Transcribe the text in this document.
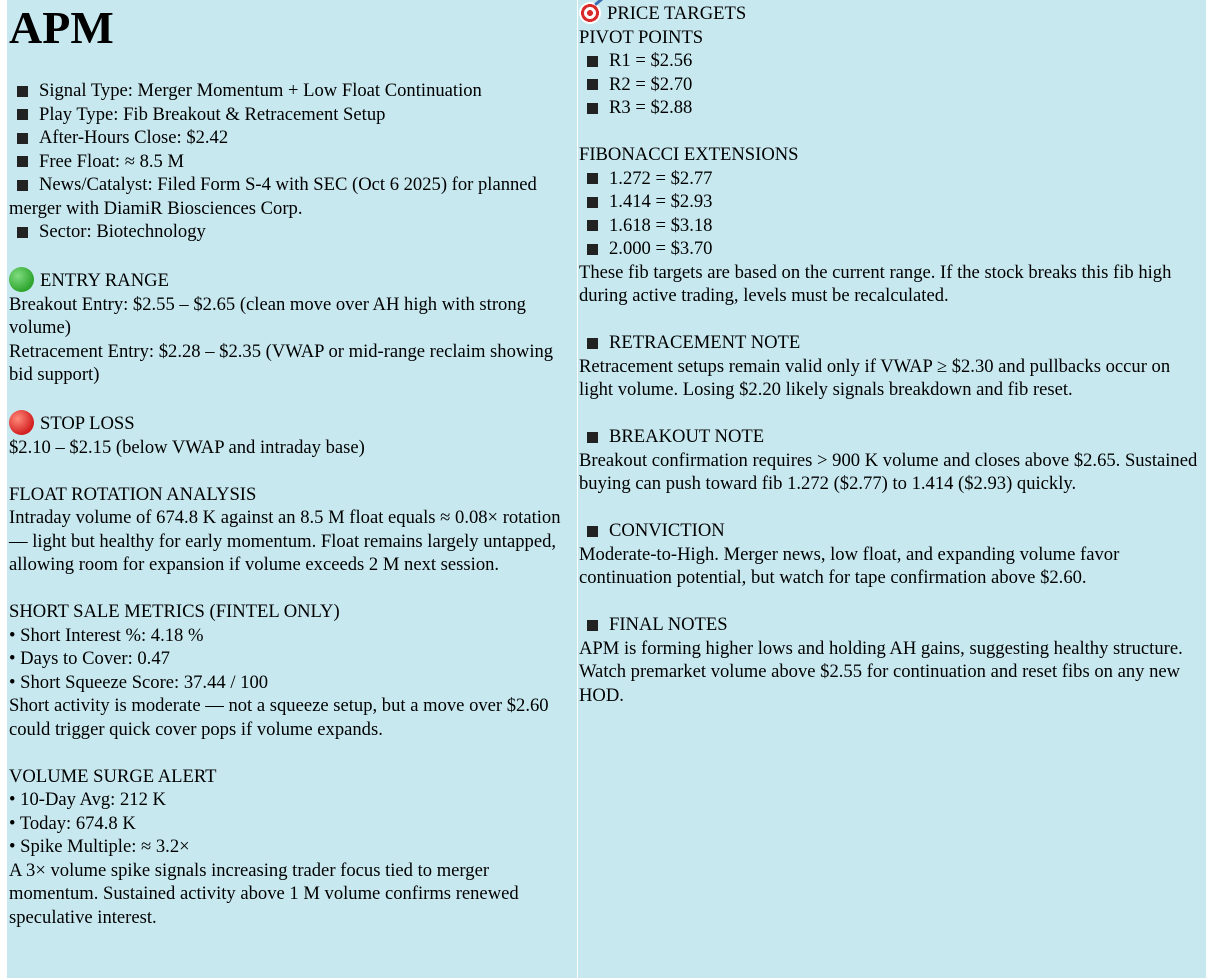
APM
Signal Type: Merger Momentum + Low Float Continuation
Play Type: Fib Breakout & Retracement Setup
After-Hours Close: $2.42
Free Float: ≈ 8.5 M
News/Catalyst: Filed Form S-4 with SEC (Oct 6 2025) for planned merger with DiamiR Biosciences Corp.
Sector: Biotechnology
ENTRY RANGE
Breakout Entry: $2.55 – $2.65 (clean move over AH high with strong volume)
Retracement Entry: $2.28 – $2.35 (VWAP or mid-range reclaim showing bid support)
STOP LOSS
$2.10 – $2.15 (below VWAP and intraday base)
FLOAT ROTATION ANALYSIS
Intraday volume of 674.8 K against an 8.5 M float equals ≈ 0.08× rotation — light but healthy for early momentum. Float remains largely untapped, allowing room for expansion if volume exceeds 2 M next session.
SHORT SALE METRICS (FINTEL ONLY)
• Short Interest %: 4.18 %
• Days to Cover: 0.47
• Short Squeeze Score: 37.44 / 100
Short activity is moderate — not a squeeze setup, but a move over $2.60 could trigger quick cover pops if volume expands.
VOLUME SURGE ALERT
• 10-Day Avg: 212 K
• Today: 674.8 K
• Spike Multiple: ≈ 3.2×
A 3× volume spike signals increasing trader focus tied to merger momentum. Sustained activity above 1 M volume confirms renewed speculative interest.
PRICE TARGETS
PIVOT POINTS
R1 = $2.56
R2 = $2.70
R3 = $2.88
FIBONACCI EXTENSIONS
1.272 = $2.77
1.414 = $2.93
1.618 = $3.18
2.000 = $3.70
These fib targets are based on the current range. If the stock breaks this fib high during active trading, levels must be recalculated.
RETRACEMENT NOTE
Retracement setups remain valid only if VWAP ≥ $2.30 and pullbacks occur on light volume. Losing $2.20 likely signals breakdown and fib reset.
BREAKOUT NOTE
Breakout confirmation requires > 900 K volume and closes above $2.65. Sustained buying can push toward fib 1.272 ($2.77) to 1.414 ($2.93) quickly.
CONVICTION
Moderate-to-High. Merger news, low float, and expanding volume favor continuation potential, but watch for tape confirmation above $2.60.
FINAL NOTES
APM is forming higher lows and holding AH gains, suggesting healthy structure. Watch premarket volume above $2.55 for continuation and reset fibs on any new HOD.
